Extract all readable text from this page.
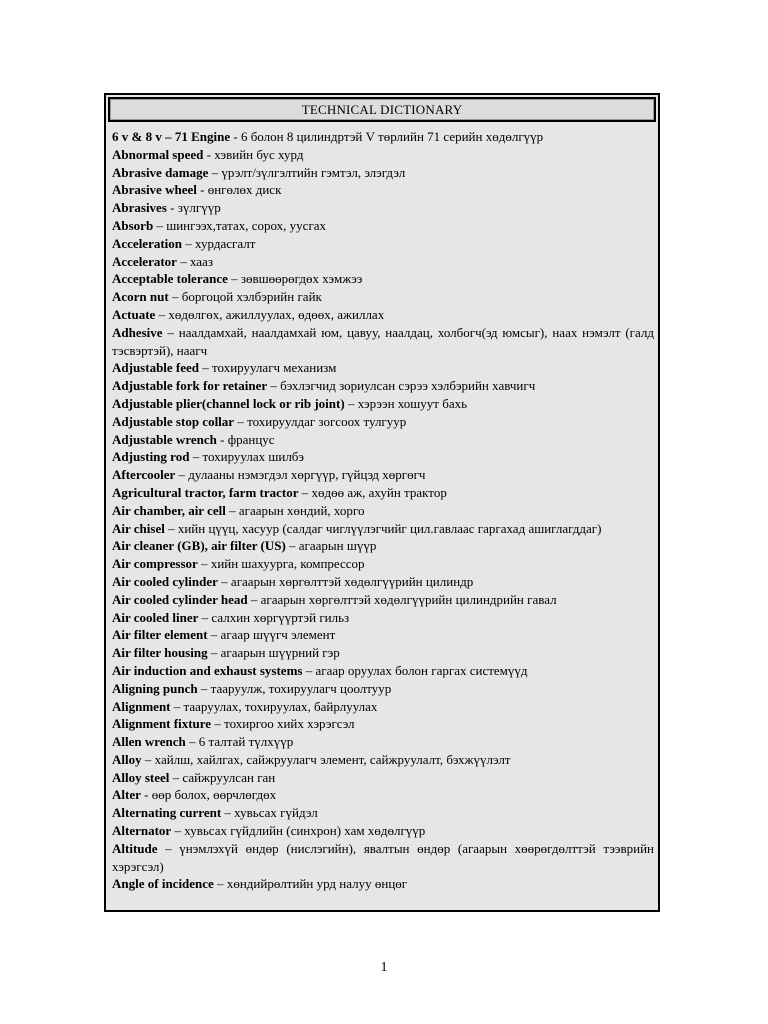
TECHNICAL DICTIONARY
6 v & 8 v – 71 Engine - 6 болон 8 цилиндртэй V төрлийн 71 серийн хөдөлгүүр
Abnormal speed - хэвийн бус хурд
Abrasive damage – үрэлт/зүлгэлтийн гэмтэл, элэгдэл
Abrasive wheel - өнгөлөх диск
Abrasives - зүлгүүр
Absorb – шингээх,татах, сорох, уусгах
Acceleration – хурдасгалт
Accelerator – хааз
Acceptable tolerance – зөвшөөрөгдөх хэмжээ
Acorn nut – боргоцой хэлбэрийн гайк
Actuate – хөдөлгөх, ажиллуулах, өдөөх, ажиллах
Adhesive – наалдамхай, наалдамхай юм, цавуу, наалдац, холбогч(эд юмсыг), наах нэмэлт (галд тэсвэртэй), наагч
Adjustable feed – тохируулагч механизм
Adjustable fork for retainer – бэхлэгчид зориулсан сэрээ хэлбэрийн хавчигч
Adjustable plier(channel lock or rib joint) – хэрээн хошуут бахь
Adjustable stop collar – тохируулдаг зогсоох тулгуур
Adjustable wrench - францус
Adjusting rod – тохируулах шилбэ
Aftercooler – дулааны нэмэгдэл хөргүүр, гүйцэд хөргөгч
Agricultural tractor, farm tractor – хөдөө аж, ахуйн трактор
Air chamber, air cell – агаарын хөндий, хорго
Air chisel – хийн цүүц, хасуур (салдаг чиглүүлэгчийг цил.гавлаас гаргахад ашиглагддаг)
Air cleaner (GB), air filter (US) – агаарын шүүр
Air compressor – хийн шахуурга, компрессор
Air cooled cylinder – агаарын хөргөлттэй хөдөлгүүрийн цилиндр
Air cooled cylinder head – агаарын хөргөлттэй хөдөлгүүрийн цилиндрийн гавал
Air cooled liner – салхин хөргүүртэй гильз
Air filter element – агаар шүүгч элемент
Air filter housing – агаарын шүүрний гэр
Air induction and exhaust systems – агаар оруулах болон гаргах системүүд
Aligning punch – тааруулж, тохируулагч цоолтуур
Alignment – тааруулах, тохируулах, байрлуулах
Alignment fixture – тохиргоо хийх хэрэгсэл
Allen wrench – 6 талтай түлхүүр
Alloy – хайлш, хайлгах, сайжруулагч элемент, сайжруулалт, бэхжүүлэлт
Alloy steel – сайжруулсан ган
Alter - өөр болох, өөрчлөгдөх
Alternating current – хувьсах гүйдэл
Alternator – хувьсах гүйдлийн (синхрон) хам хөдөлгүүр
Altitude – үнэмлэхүй өндөр (нислэгийн), явалтын өндөр (агаарын хөөрөгдөлттэй тээврийн хэрэгсэл)
Angle of incidence – хөндийрөлтийн урд налуу өнцөг
1
